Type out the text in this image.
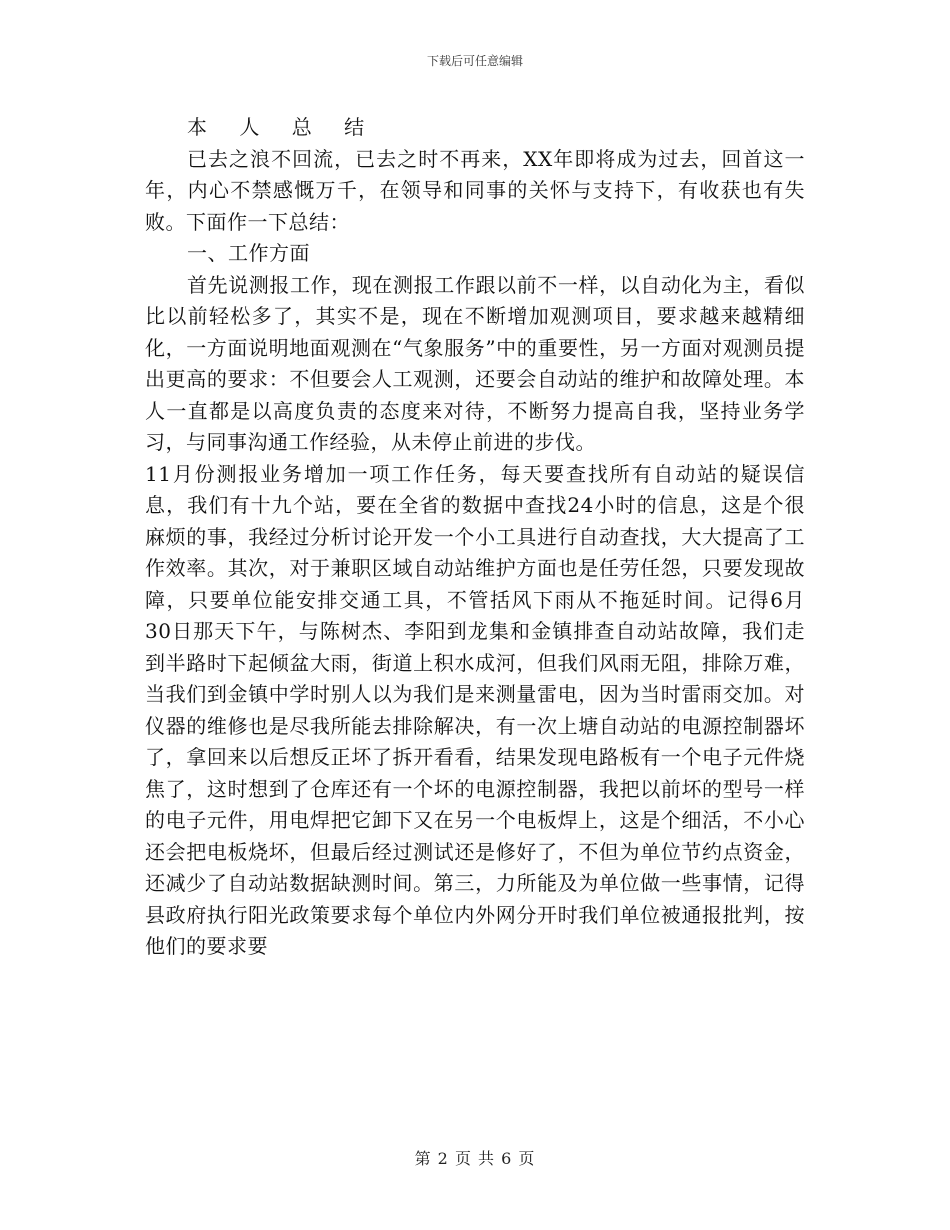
下载后可任意编辑

本 人 总 结

已去之浪不回流，已去之时不再来，XX年即将成为过去，回首这一年，内心不禁感慨万千，在领导和同事的关怀与支持下，有收获也有失败。下面作一下总结：

一、工作方面

首先说测报工作，现在测报工作跟以前不一样，以自动化为主，看似比以前轻松多了，其实不是，现在不断增加观测项目，要求越来越精细化，一方面说明地面观测在“气象服务”中的重要性，另一方面对观测员提出更高的要求：不但要会人工观测，还要会自动站的维护和故障处理。本人一直都是以高度负责的态度来对待，不断努力提高自我，坚持业务学习，与同事沟通工作经验，从未停止前进的步伐。

11月份测报业务增加一项工作任务，每天要查找所有自动站的疑误信息，我们有十九个站，要在全省的数据中查找24小时的信息，这是个很麻烦的事，我经过分析讨论开发一个小工具进行自动查找，大大提高了工作效率。其次，对于兼职区域自动站维护方面也是任劳任怨，只要发现故障，只要单位能安排交通工具，不管括风下雨从不拖延时间。记得6月 30日那天下午，与陈树杰、李阳到龙集和金镇排查自动站故障，我们走到半路时下起倾盆大雨，街道上积水成河，但我们风雨无阻，排除万难，当我们到金镇中学时别人以为我们是来测量雷电，因为当时雷雨交加。对仪器的维修也是尽我所能去排除解决，有一次上塘自动站的电源控制器坏了，拿回来以后想反正坏了拆开看看，结果发现电路板有一个电子元件烧焦了，这时想到了仓库还有一个坏的电源控制器，我把以前坏的型号一样的电子元件，用电焊把它卸下又在另一个电板焊上，这是个细活，不小心还会把电板烧坏，但最后经过测试还是修好了，不但为单位节约点资金，还减少了自动站数据缺测时间。第三，力所能及为单位做一些事情，记得县政府执行阳光政策要求每个单位内外网分开时我们单位被通报批判，按他们的要求要

第 2 页 共 6 页
